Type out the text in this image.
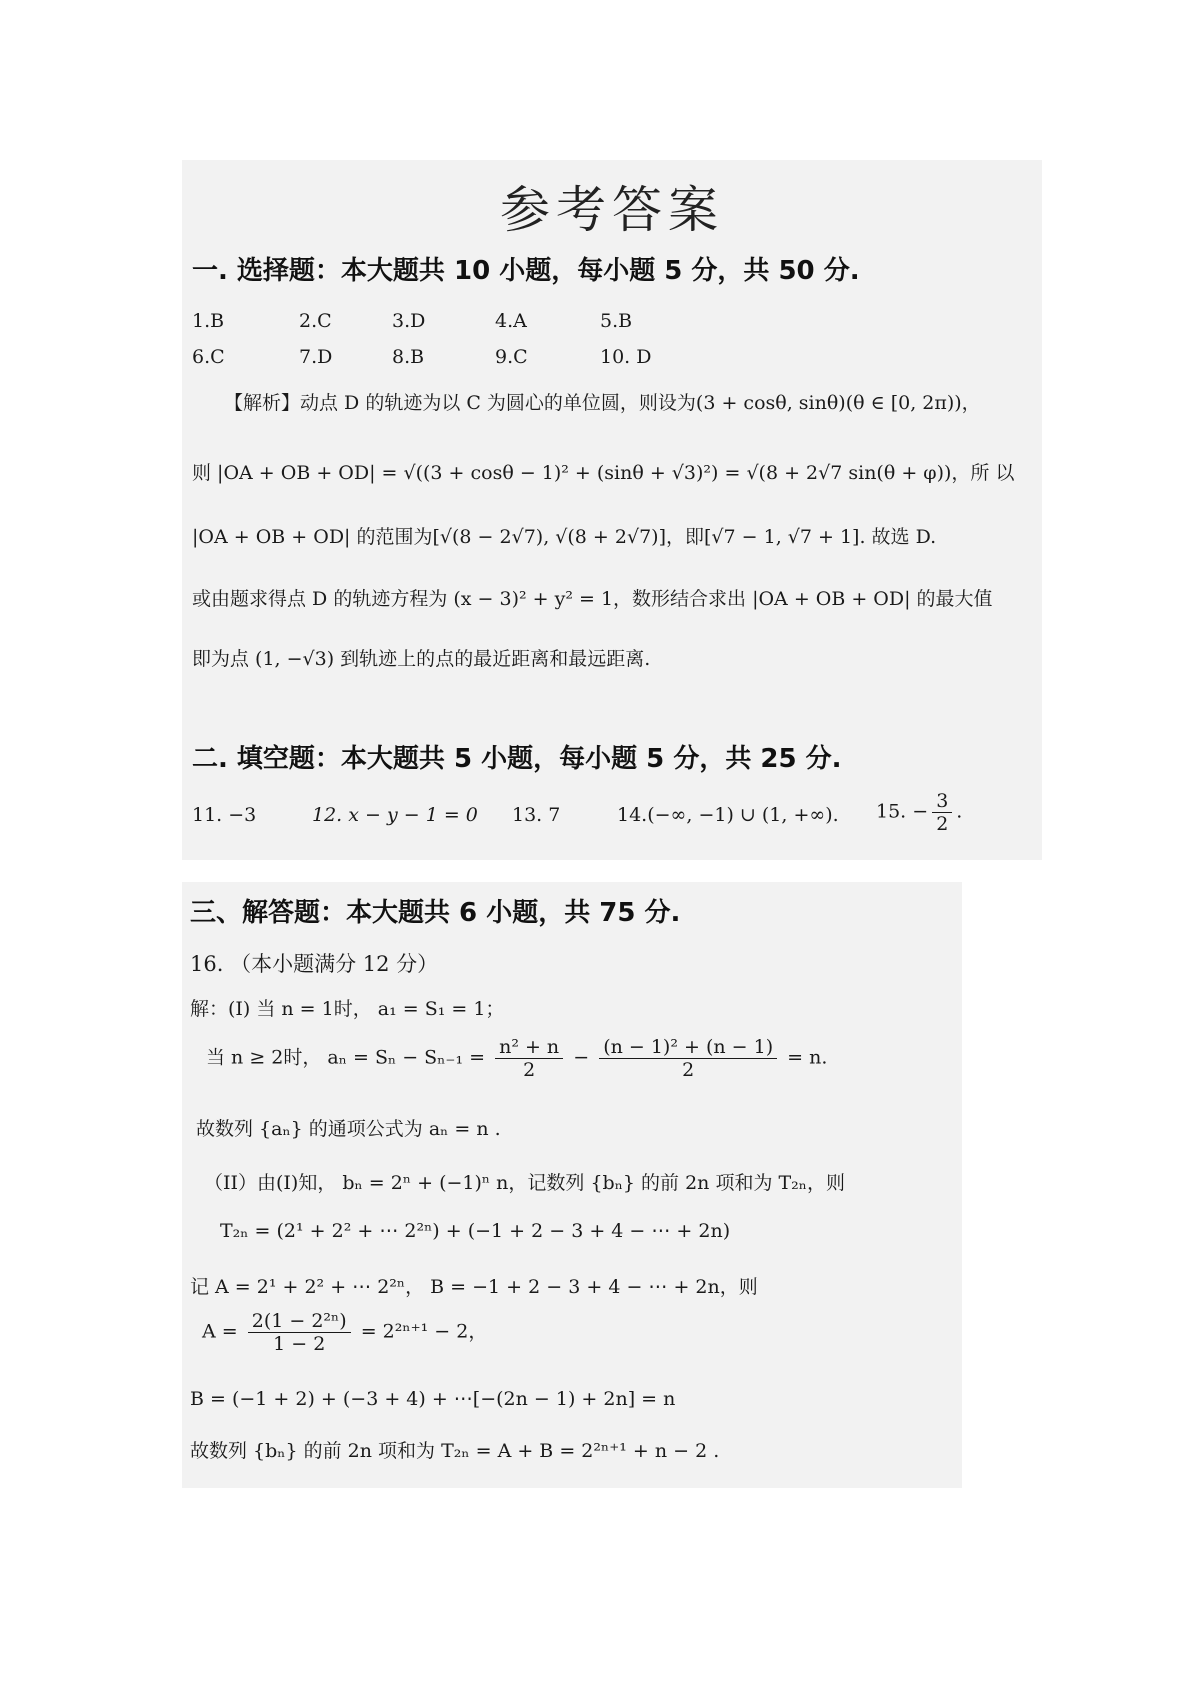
参考答案
一. 选择题：本大题共 10 小题，每小题 5 分，共 50 分.
1.B	2.C	3.D	4.A	5.B
6.C	7.D	8.B	9.C	10. D
【解析】动点 D 的轨迹为以 C 为圆心的单位圆，则设为(3 + cosθ, sinθ)(θ ∈ [0, 2π))，
则 |OA + OB + OD| = √((3 + cosθ − 1)² + (sinθ + √3)²) = √(8 + 2√7 sin(θ + φ))，所 以
|OA + OB + OD| 的范围为[√(8 − 2√7), √(8 + 2√7)]，即[√7 − 1, √7 + 1]. 故选 D.
或由题求得点 D 的轨迹方程为 (x − 3)² + y² = 1，数形结合求出 |OA + OB + OD| 的最大值
即为点 (1, −√3) 到轨迹上的点的最近距离和最远距离.
二. 填空题：本大题共 5 小题，每小题 5 分，共 25 分.
11. −3	12. x − y − 1 = 0 13. 7	14.(−∞, −1) ∪ (1, +∞). 15. − $\frac{3}{2}$ .
三、解答题：本大题共 6 小题，共 75 分.
16. （本小题满分 12 分）
解：(I) 当 n = 1时， a₁ = S₁ = 1；
当 n ≥ 2时， $a_n = S_n - S_{n-1} = \frac{\text{n² + n}}{2} - \frac{\text{(n − 1)² + (n − 1)}}{2} = n$.
故数列 {aₙ} 的通项公式为 aₙ = n .
（II）由(I)知， bₙ = 2ⁿ + (−1)ⁿ n，记数列 {bₙ} 的前 2n 项和为 T₂ₙ，则
T₂ₙ = (2¹ + 2² + ⋯ 2²ⁿ) + (−1 + 2 − 3 + 4 − ⋯ + 2n)
记 A = 2¹ + 2² + ⋯ 2²ⁿ， B = −1 + 2 − 3 + 4 − ⋯ + 2n，则
$A = \frac{\text{2(1 − 2²ⁿ)}}{1 - 2} = 2^{2n+1} - 2$，
B = (−1 + 2) + (−3 + 4) + ⋯[−(2n − 1) + 2n] = n
故数列 {bₙ} 的前 2n 项和为 T₂ₙ = A + B = 2²ⁿ⁺¹ + n − 2 .
